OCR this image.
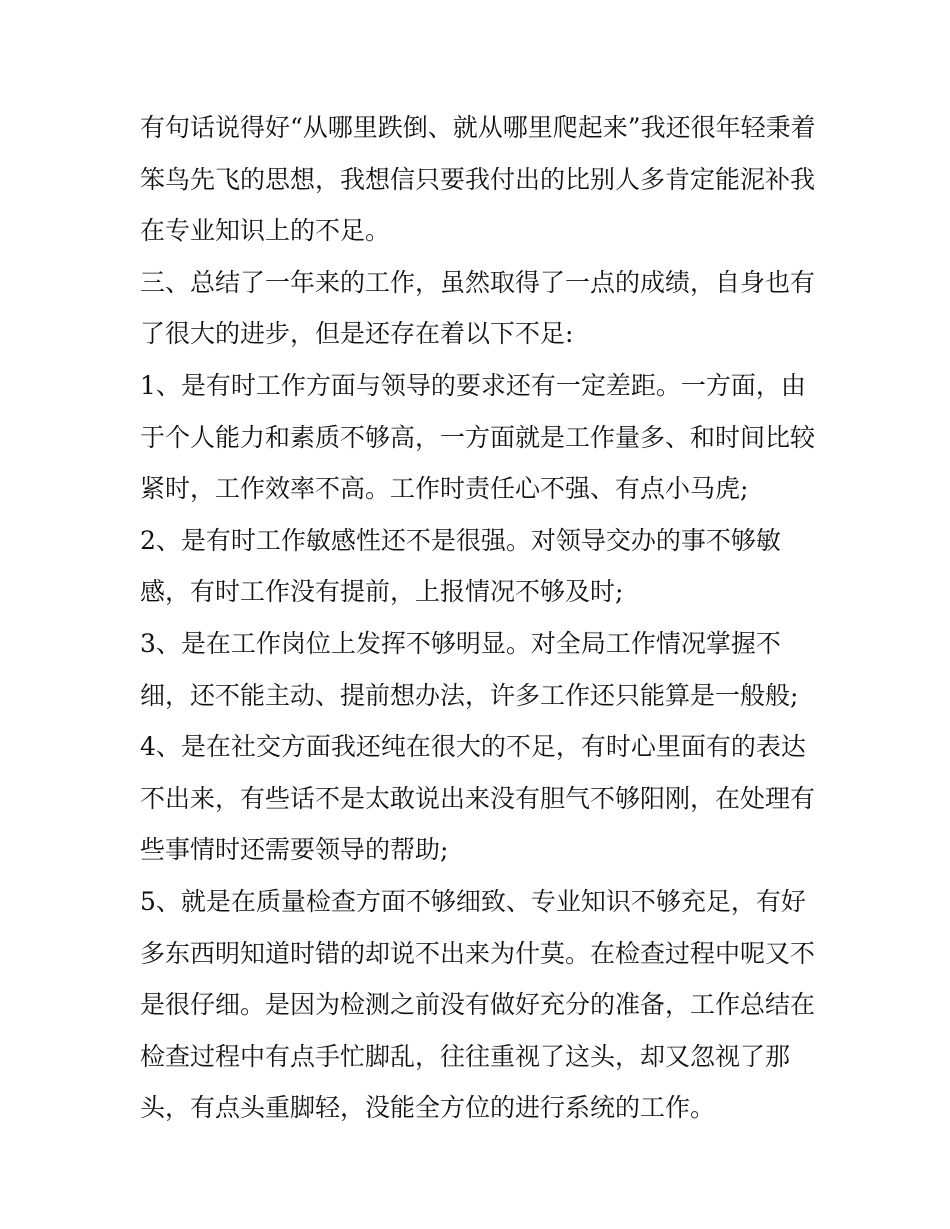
有句话说得好“从哪里跌倒、就从哪里爬起来”我还很年轻秉着
笨鸟先飞的思想，我想信只要我付出的比别人多肯定能泥补我
在专业知识上的不足。
三、总结了一年来的工作，虽然取得了一点的成绩，自身也有
了很大的进步，但是还存在着以下不足:
1、是有时工作方面与领导的要求还有一定差距。一方面，由
于个人能力和素质不够高，一方面就是工作量多、和时间比较
紧时，工作效率不高。工作时责任心不强、有点小马虎;
2、是有时工作敏感性还不是很强。对领导交办的事不够敏
感，有时工作没有提前，上报情况不够及时;
3、是在工作岗位上发挥不够明显。对全局工作情况掌握不
细，还不能主动、提前想办法，许多工作还只能算是一般般;
4、是在社交方面我还纯在很大的不足，有时心里面有的表达
不出来，有些话不是太敢说出来没有胆气不够阳刚，在处理有
些事情时还需要领导的帮助;
5、就是在质量检查方面不够细致、专业知识不够充足，有好
多东西明知道时错的却说不出来为什莫。在检查过程中呢又不
是很仔细。是因为检测之前没有做好充分的准备，工作总结在
检查过程中有点手忙脚乱，往往重视了这头，却又忽视了那
头，有点头重脚轻，没能全方位的进行系统的工作。
